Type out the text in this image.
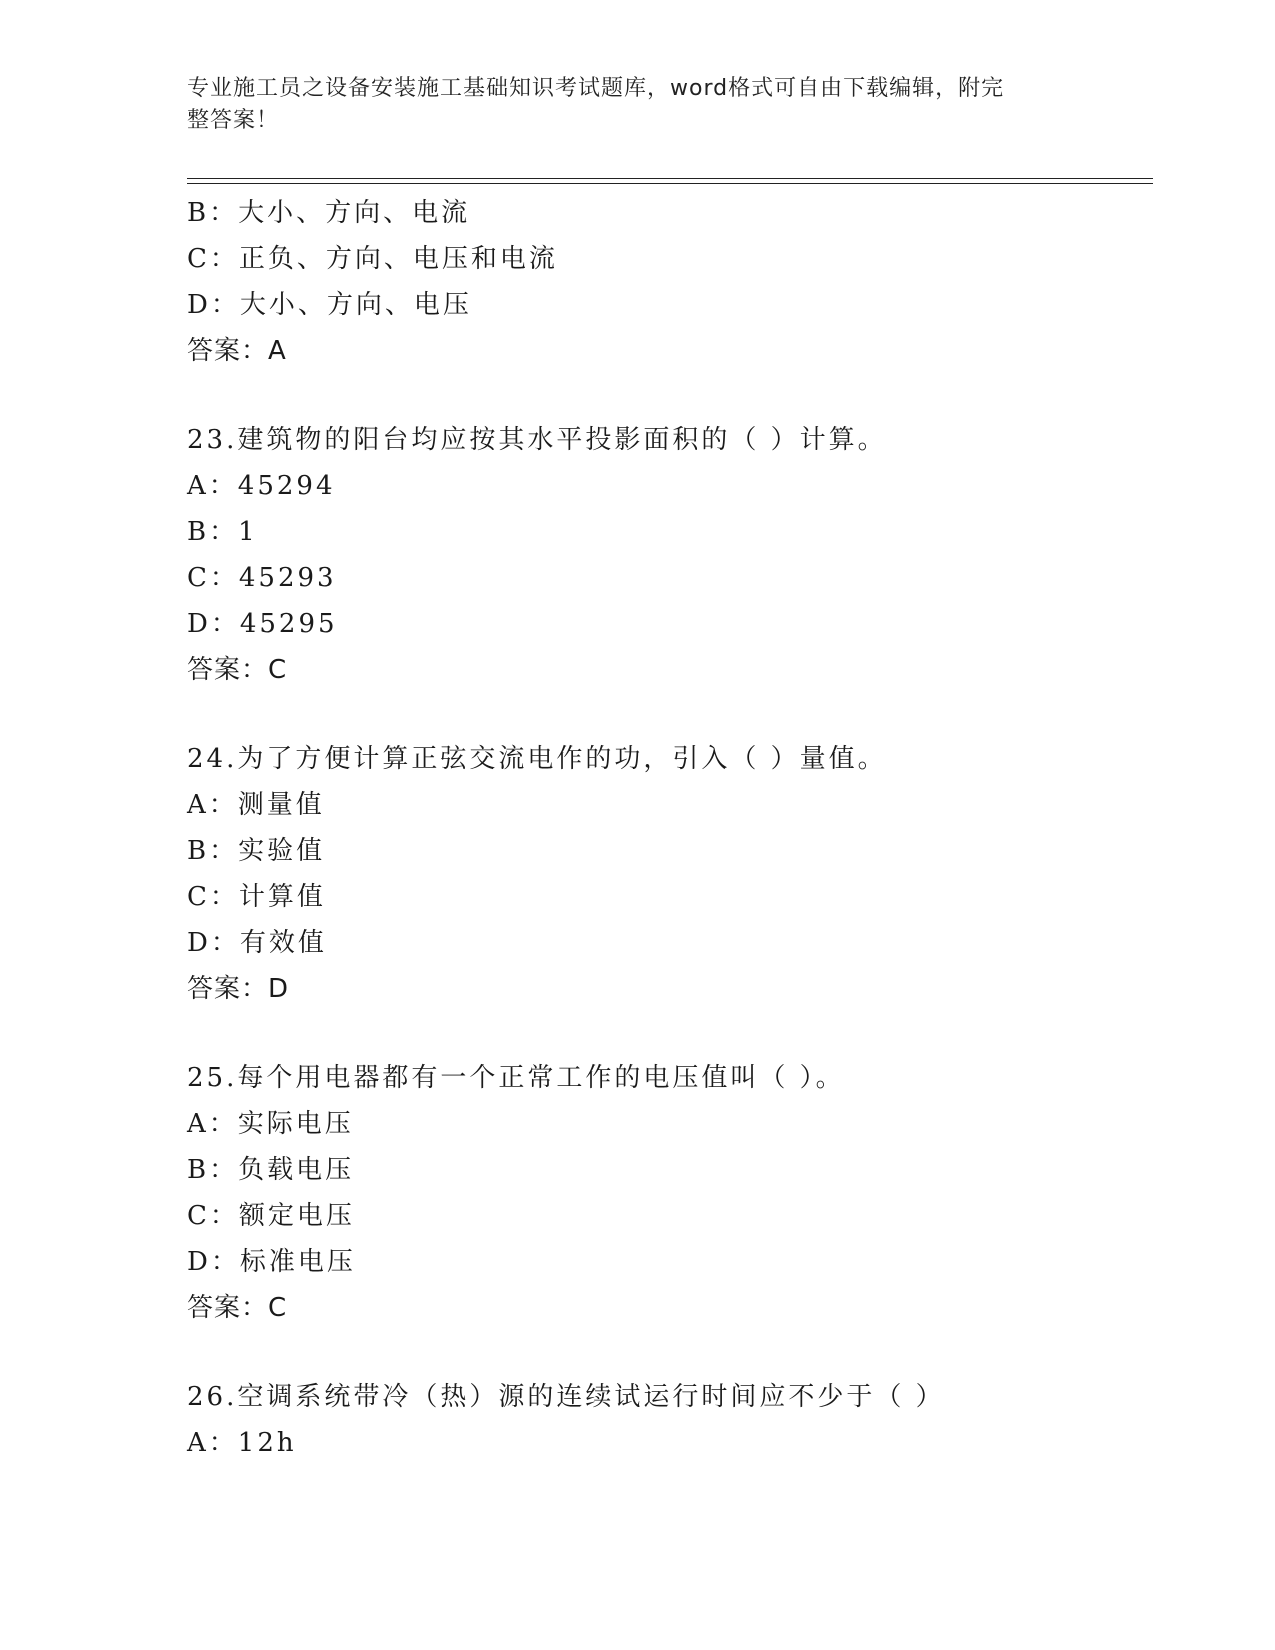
专业施工员之设备安装施工基础知识考试题库，word格式可自由下载编辑，附完
整答案！
B：大小、方向、电流
C：正负、方向、电压和电流
D：大小、方向、电压
答案：A
23.建筑物的阳台均应按其水平投影面积的（ ）计算。
A：45294
B：1
C：45293
D：45295
答案：C
24.为了方便计算正弦交流电作的功，引入（ ）量值。
A：测量值
B：实验值
C：计算值
D：有效值
答案：D
25.每个用电器都有一个正常工作的电压值叫（ ）。
A：实际电压
B：负载电压
C：额定电压
D：标准电压
答案：C
26.空调系统带冷（热）源的连续试运行时间应不少于（ ）
A：12h
